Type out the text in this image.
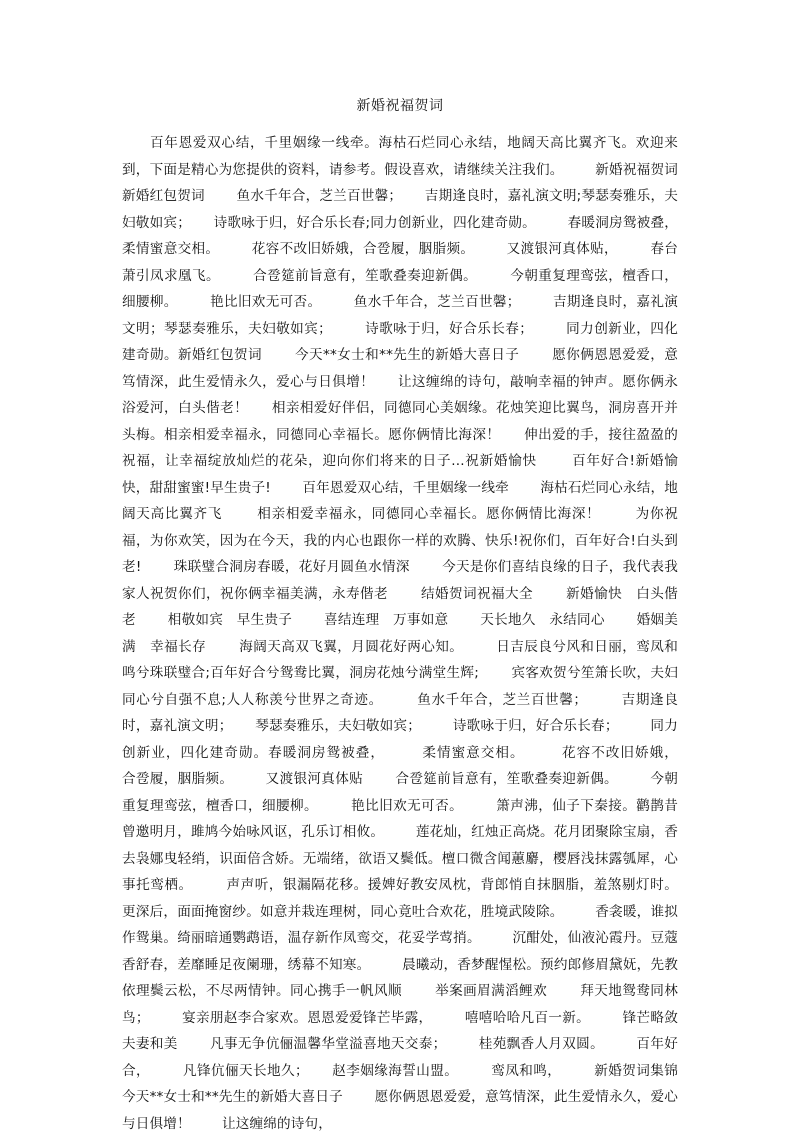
新婚祝福贺词

百年恩爱双心结，千里姻缘一线牵。海枯石烂同心永结，地阔天高比翼齐飞。欢迎来到，下面是精心为您提供的资料，请参考。假设喜欢，请继续关注我们。       新婚祝福贺词   新婚红包贺词       鱼水千年合，芝兰百世馨；     吉期逢良时，嘉礼演文明;琴瑟奏雅乐，夫妇敬如宾；     诗歌咏于归，好合乐长春;同力创新业，四化建奇勋。       春暖洞房鸳被叠，柔情蜜意交相。       花容不改旧娇娥，合卺履，胭脂频。       又渡银河真体贴，       春台萧引凤求凰飞。       合卺筵前旨意有，笙歌叠奏迎新偶。       今朝重复理鸾弦，檀香口，细腰柳。       艳比旧欢无可否。       鱼水千年合，芝兰百世馨；       吉期逢良时，嘉礼演文明；琴瑟奏雅乐，夫妇敬如宾；       诗歌咏于归，好合乐长春；       同力创新业，四化建奇勋。新婚红包贺词       今天**女士和**先生的新婚大喜日子       愿你俩恩恩爱爱，意笃情深，此生爱情永久，爱心与日俱增！     让这缠绵的诗句，敲响幸福的钟声。愿你俩永浴爱河，白头偕老！     相亲相爱好伴侣，同德同心美姻缘。花烛笑迎比翼鸟，洞房喜开并头梅。相亲相爱幸福永，同德同心幸福长。愿你俩情比海深！     伸出爱的手，接往盈盈的祝福，让幸福绽放灿烂的花朵，迎向你们将来的日子...祝新婚愉快       百年好合!新婚愉快，甜甜蜜蜜!早生贵子!       百年恩爱双心结，千里姻缘一线牵       海枯石烂同心永结，地阔天高比翼齐飞       相亲相爱幸福永，同德同心幸福长。愿你俩情比海深！       为你祝福，为你欢笑，因为在今天，我的内心也跟你一样的欢腾、快乐!祝你们，百年好合!白头到老!       珠联璧合洞房春暖，花好月圆鱼水情深       今天是你们喜结良缘的日子，我代表我家人祝贺你们，祝你俩幸福美满，永寿偕老       结婚贺词祝福大全       新婚愉快   白头偕老       相敬如宾   早生贵子       喜结连理   万事如意       天长地久   永结同心       婚姻美满   幸福长存       海阔天高双飞翼，月圆花好两心知。       日吉辰良兮风和日丽，鸾凤和鸣兮珠联璧合;百年好合兮鸳鸯比翼，洞房花烛兮满堂生辉;       宾客欢贺兮笙箫长吹，夫妇同心兮自强不息;人人称羡兮世界之奇迹。       鱼水千年合，芝兰百世馨；       吉期逢良时，嘉礼演文明；     琴瑟奏雅乐，夫妇敬如宾；       诗歌咏于归，好合乐长春；       同力创新业，四化建奇勋。春暖洞房鸳被叠，       柔情蜜意交相。       花容不改旧娇娥，       合卺履，胭脂频。       又渡银河真体贴       合卺筵前旨意有，笙歌叠奏迎新偶。       今朝重复理鸾弦，檀香口，细腰柳。       艳比旧欢无可否。       箫声沸，仙子下秦接。鹳鹊昔曾邀明月，雎鸠今始咏风讴，孔乐订相攸。       莲花灿，红烛正高烧。花月团聚除宝扇，香去袅娜曳轻绡，识面倍含娇。无端绪，欲语又鬓低。檀口微含闻蕙麝，樱唇浅抹露瓠犀，心事托鸾栖。       声声听，银漏隔花移。援婢好教安凤枕，背郎悄自抹胭脂，羞煞剔灯时。       更深后，面面掩窗纱。如意并栽连理树，同心竟吐合欢花，胜境武陵除。       香衾暖，谁拟作鸳巢。绮丽暗通鹦鹉语，温存新作凤鸾交，花妥学莺捎。       沉酣处，仙液沁霞丹。豆蔻香舒春，差靡睡足夜阑珊，绣幕不知寒。       晨曦动，香梦醒惺松。预约郎修眉黛妩，先教依理鬓云松，不尽两情钟。同心携手一帆风顺       举案画眉满滔鲤欢       拜天地鸳鸯同林鸟；       宴亲朋赵李合家欢。恩恩爱爱锋芒毕露，       嘻嘻哈哈凡百一新。       锋芒略敛夫妻和美       凡事无争伉俪温馨华堂溢喜地天交泰；       桂苑飘香人月双圆。       百年好合，       凡锋伉俪天长地久；     赵李姻缘海誓山盟。       鸾凤和鸣，       新婚贺词集锦       今天**女士和**先生的新婚大喜日子       愿你俩恩恩爱爱，意笃情深，此生爱情永久，爱心与日俱增！       让这缠绵的诗句，
